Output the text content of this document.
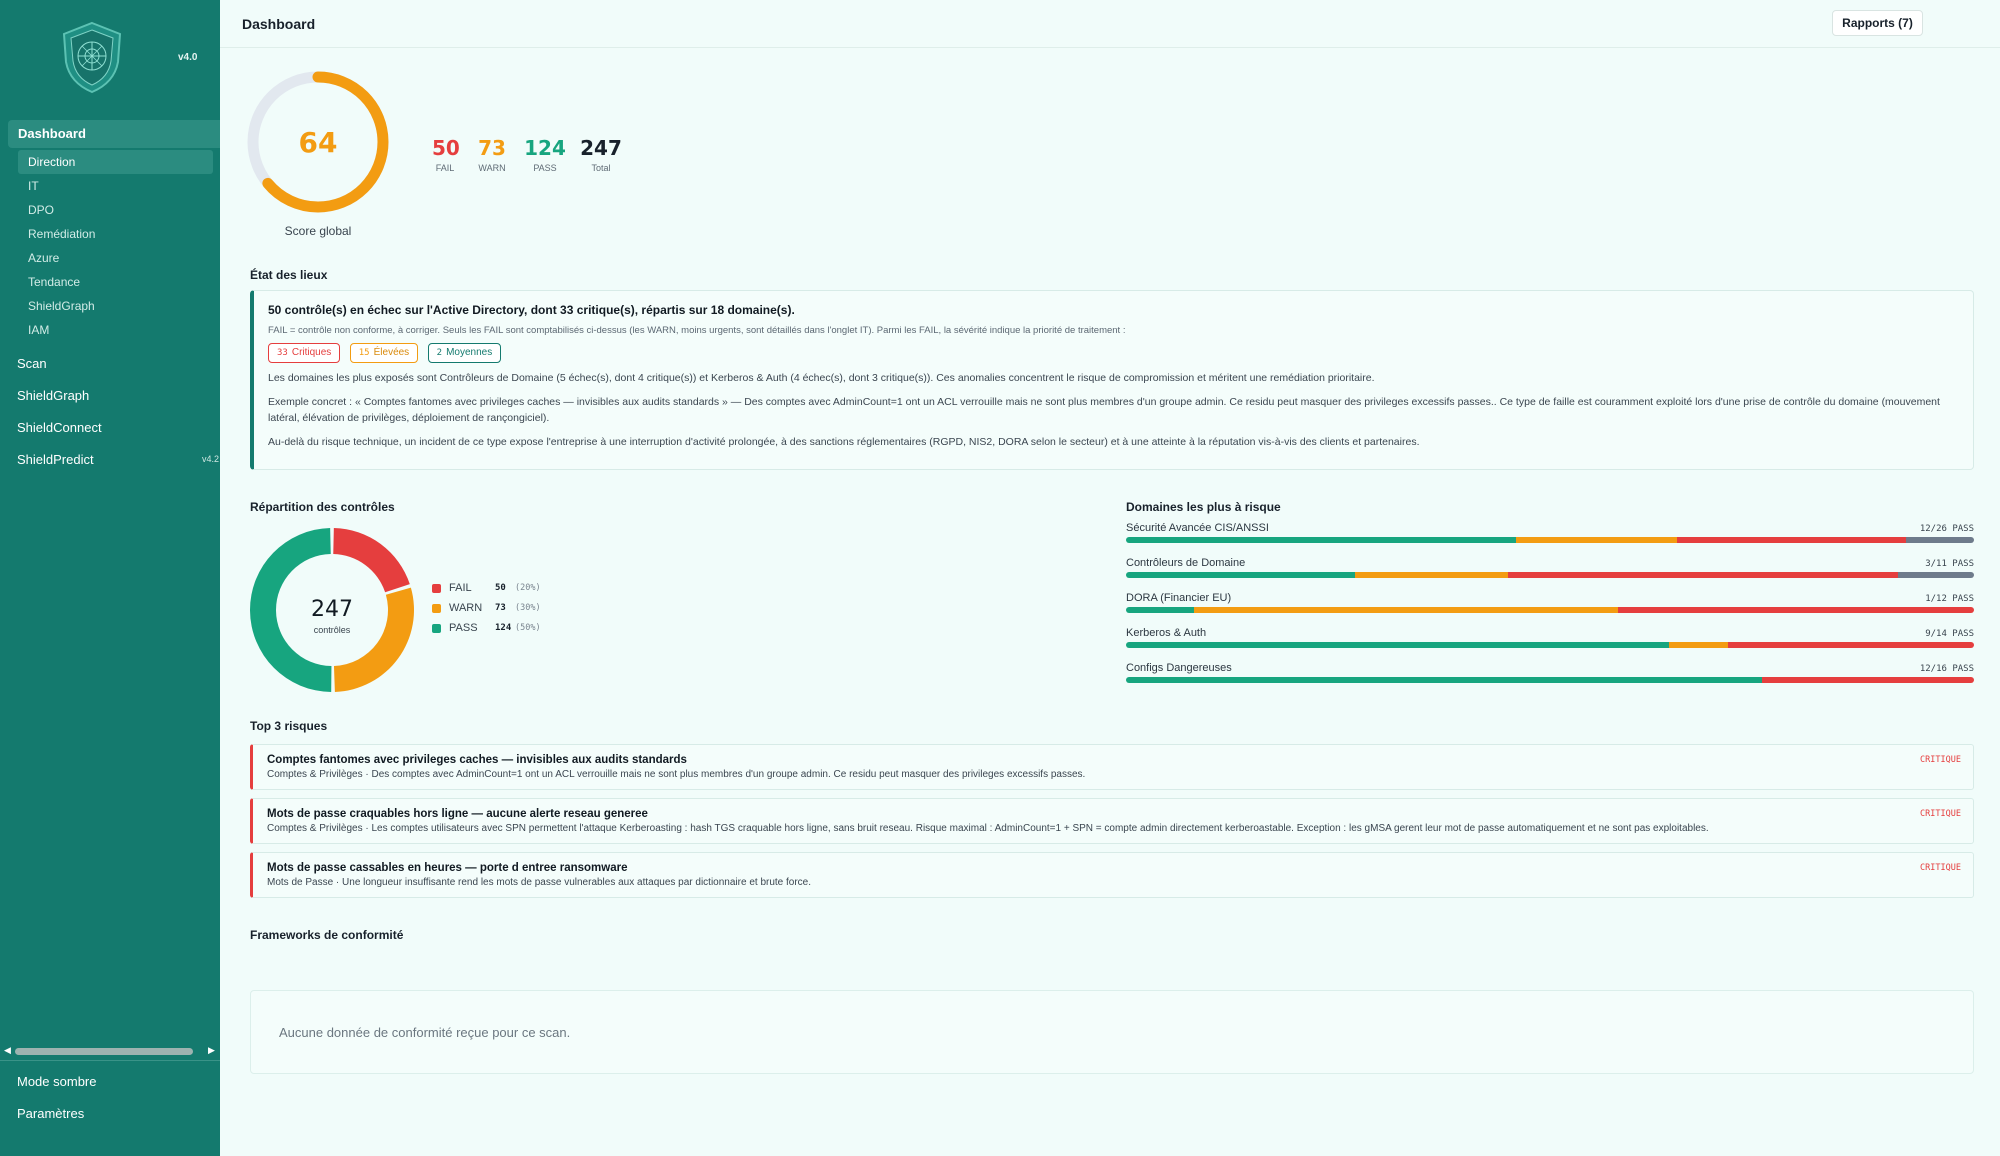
v4.0
Dashboard
Direction
IT
DPO
Remédiation
Azure
Tendance
ShieldGraph
IAM
Scan
ShieldGraph
ShieldConnect
ShieldPredict	v4.2
◀	▶
Mode sombre
Paramètres
Dashboard	Rapports (7)
64
Score global
50
FAIL
73
WARN
124
PASS
247
Total
État des lieux
50 contrôle(s) en échec sur l'Active Directory, dont 33 critique(s), répartis sur 18 domaine(s).
FAIL = contrôle non conforme, à corriger. Seuls les FAIL sont comptabilisés ci-dessus (les WARN, moins urgents, sont détaillés dans l'onglet IT). Parmi les FAIL, la sévérité indique la priorité de traitement :
33 Critiques	15 Élevées	2 Moyennes
Les domaines les plus exposés sont Contrôleurs de Domaine (5 échec(s), dont 4 critique(s)) et Kerberos & Auth (4 échec(s), dont 3 critique(s)). Ces anomalies concentrent le risque de compromission et méritent une remédiation prioritaire.
Exemple concret : « Comptes fantomes avec privileges caches — invisibles aux audits standards » — Des comptes avec AdminCount=1 ont un ACL verrouille mais ne sont plus membres d'un groupe admin. Ce residu peut masquer des privileges excessifs passes.. Ce type de faille est couramment exploité lors d'une prise de contrôle du domaine (mouvement latéral, élévation de privilèges, déploiement de rançongiciel).
Au-delà du risque technique, un incident de ce type expose l'entreprise à une interruption d'activité prolongée, à des sanctions réglementaires (RGPD, NIS2, DORA selon le secteur) et à une atteinte à la réputation vis-à-vis des clients et partenaires.
Répartition des contrôles
247
contrôles
FAIL	50	(20%)
WARN	73	(30%)
PASS	124 (50%)
Domaines les plus à risque
Sécurité Avancée CIS/ANSSI	12/26 PASS
Contrôleurs de Domaine	3/11 PASS
DORA (Financier EU)	1/12 PASS
Kerberos & Auth	9/14 PASS
Configs Dangereuses	12/16 PASS
Top 3 risques
Comptes fantomes avec privileges caches — invisibles aux audits standards
Comptes & Privilèges · Des comptes avec AdminCount=1 ont un ACL verrouille mais ne sont plus membres d'un groupe admin. Ce residu peut masquer des privileges excessifs passes.
CRITIQUE
Mots de passe craquables hors ligne — aucune alerte reseau generee
Comptes & Privilèges · Les comptes utilisateurs avec SPN permettent l'attaque Kerberoasting : hash TGS craquable hors ligne, sans bruit reseau. Risque maximal : AdminCount=1 + SPN = compte admin directement kerberoastable. Exception : les gMSA gerent leur mot de passe automatiquement et ne sont pas exploitables.
CRITIQUE
Mots de passe cassables en heures — porte d entree ransomware
Mots de Passe · Une longueur insuffisante rend les mots de passe vulnerables aux attaques par dictionnaire et brute force.
CRITIQUE
Frameworks de conformité
Aucune donnée de conformité reçue pour ce scan.
